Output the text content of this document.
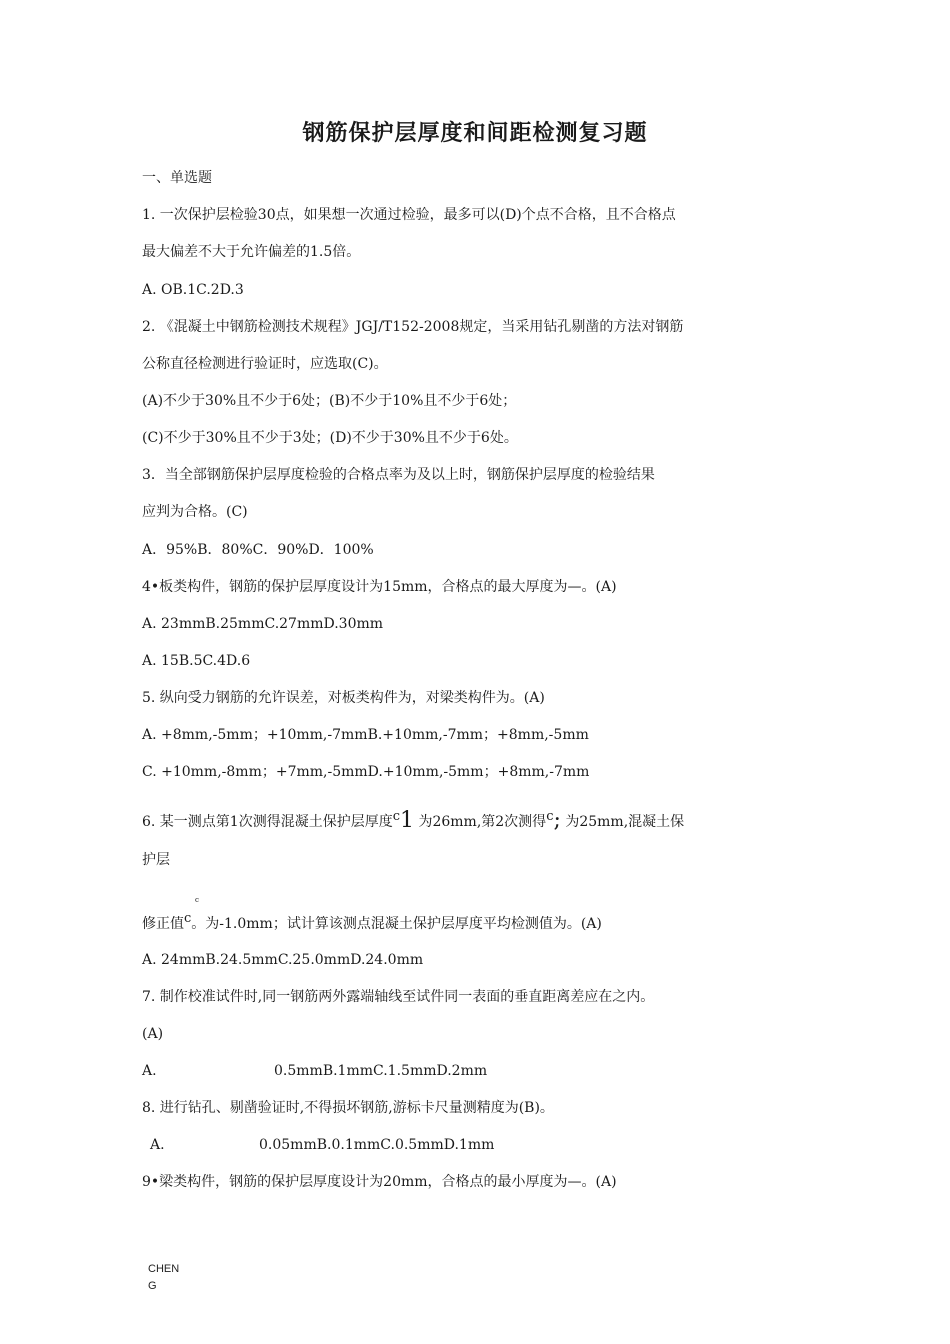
钢筋保护层厚度和间距检测复习题
一、单选题
1. 一次保护层检验30点，如果想一次通过检验，最多可以(D)个点不合格，且不合格点
最大偏差不大于允许偏差的1.5倍。
A. OB.1C.2D.3
2. 《混凝土中钢筋检测技术规程》JGJ/T152-2008规定，当采用钻孔剔凿的方法对钢筋
公称直径检测进行验证时，应选取(C)。
(A)不少于30%且不少于6处；(B)不少于10%且不少于6处；
(C)不少于30%且不少于3处；(D)不少于30%且不少于6处。
3．当全部钢筋保护层厚度检验的合格点率为及以上时，钢筋保护层厚度的检验结果
应判为合格。(C)
A．95%B．80%C．90%D．100%
4•板类构件，钢筋的保护层厚度设计为15mm，合格点的最大厚度为—。(A)
A. 23mmB.25mmC.27mmD.30mm
A. 15B.5C.4D.6
5. 纵向受力钢筋的允许误差，对板类构件为，对梁类构件为。(A)
A. +8mm,-5mm；+10mm,-7mmB.+10mm,-7mm；+8mm,-5mm
C. +10mm,-8mm；+7mm,-5mmD.+10mm,-5mm；+8mm,-7mm
6. 某一测点第1次测得混凝土保护层厚度c1 为26mm,第2次测得c; 为25mm,混凝土保
护层
c
修正值c。为-1.0mm；试计算该测点混凝土保护层厚度平均检测值为。(A)
A. 24mmB.24.5mmC.25.0mmD.24.0mm
7. 制作校准试件时,同一钢筋两外露端轴线至试件同一表面的垂直距离差应在之内。
(A)
A.	0.5mmB.1mmC.1.5mmD.2mm
8. 进行钻孔、剔凿验证时,不得损坏钢筋,游标卡尺量测精度为(B)。
A.	0.05mmB.0.1mmC.0.5mmD.1mm
9•梁类构件，钢筋的保护层厚度设计为20mm，合格点的最小厚度为—。(A)
CHEN
G
